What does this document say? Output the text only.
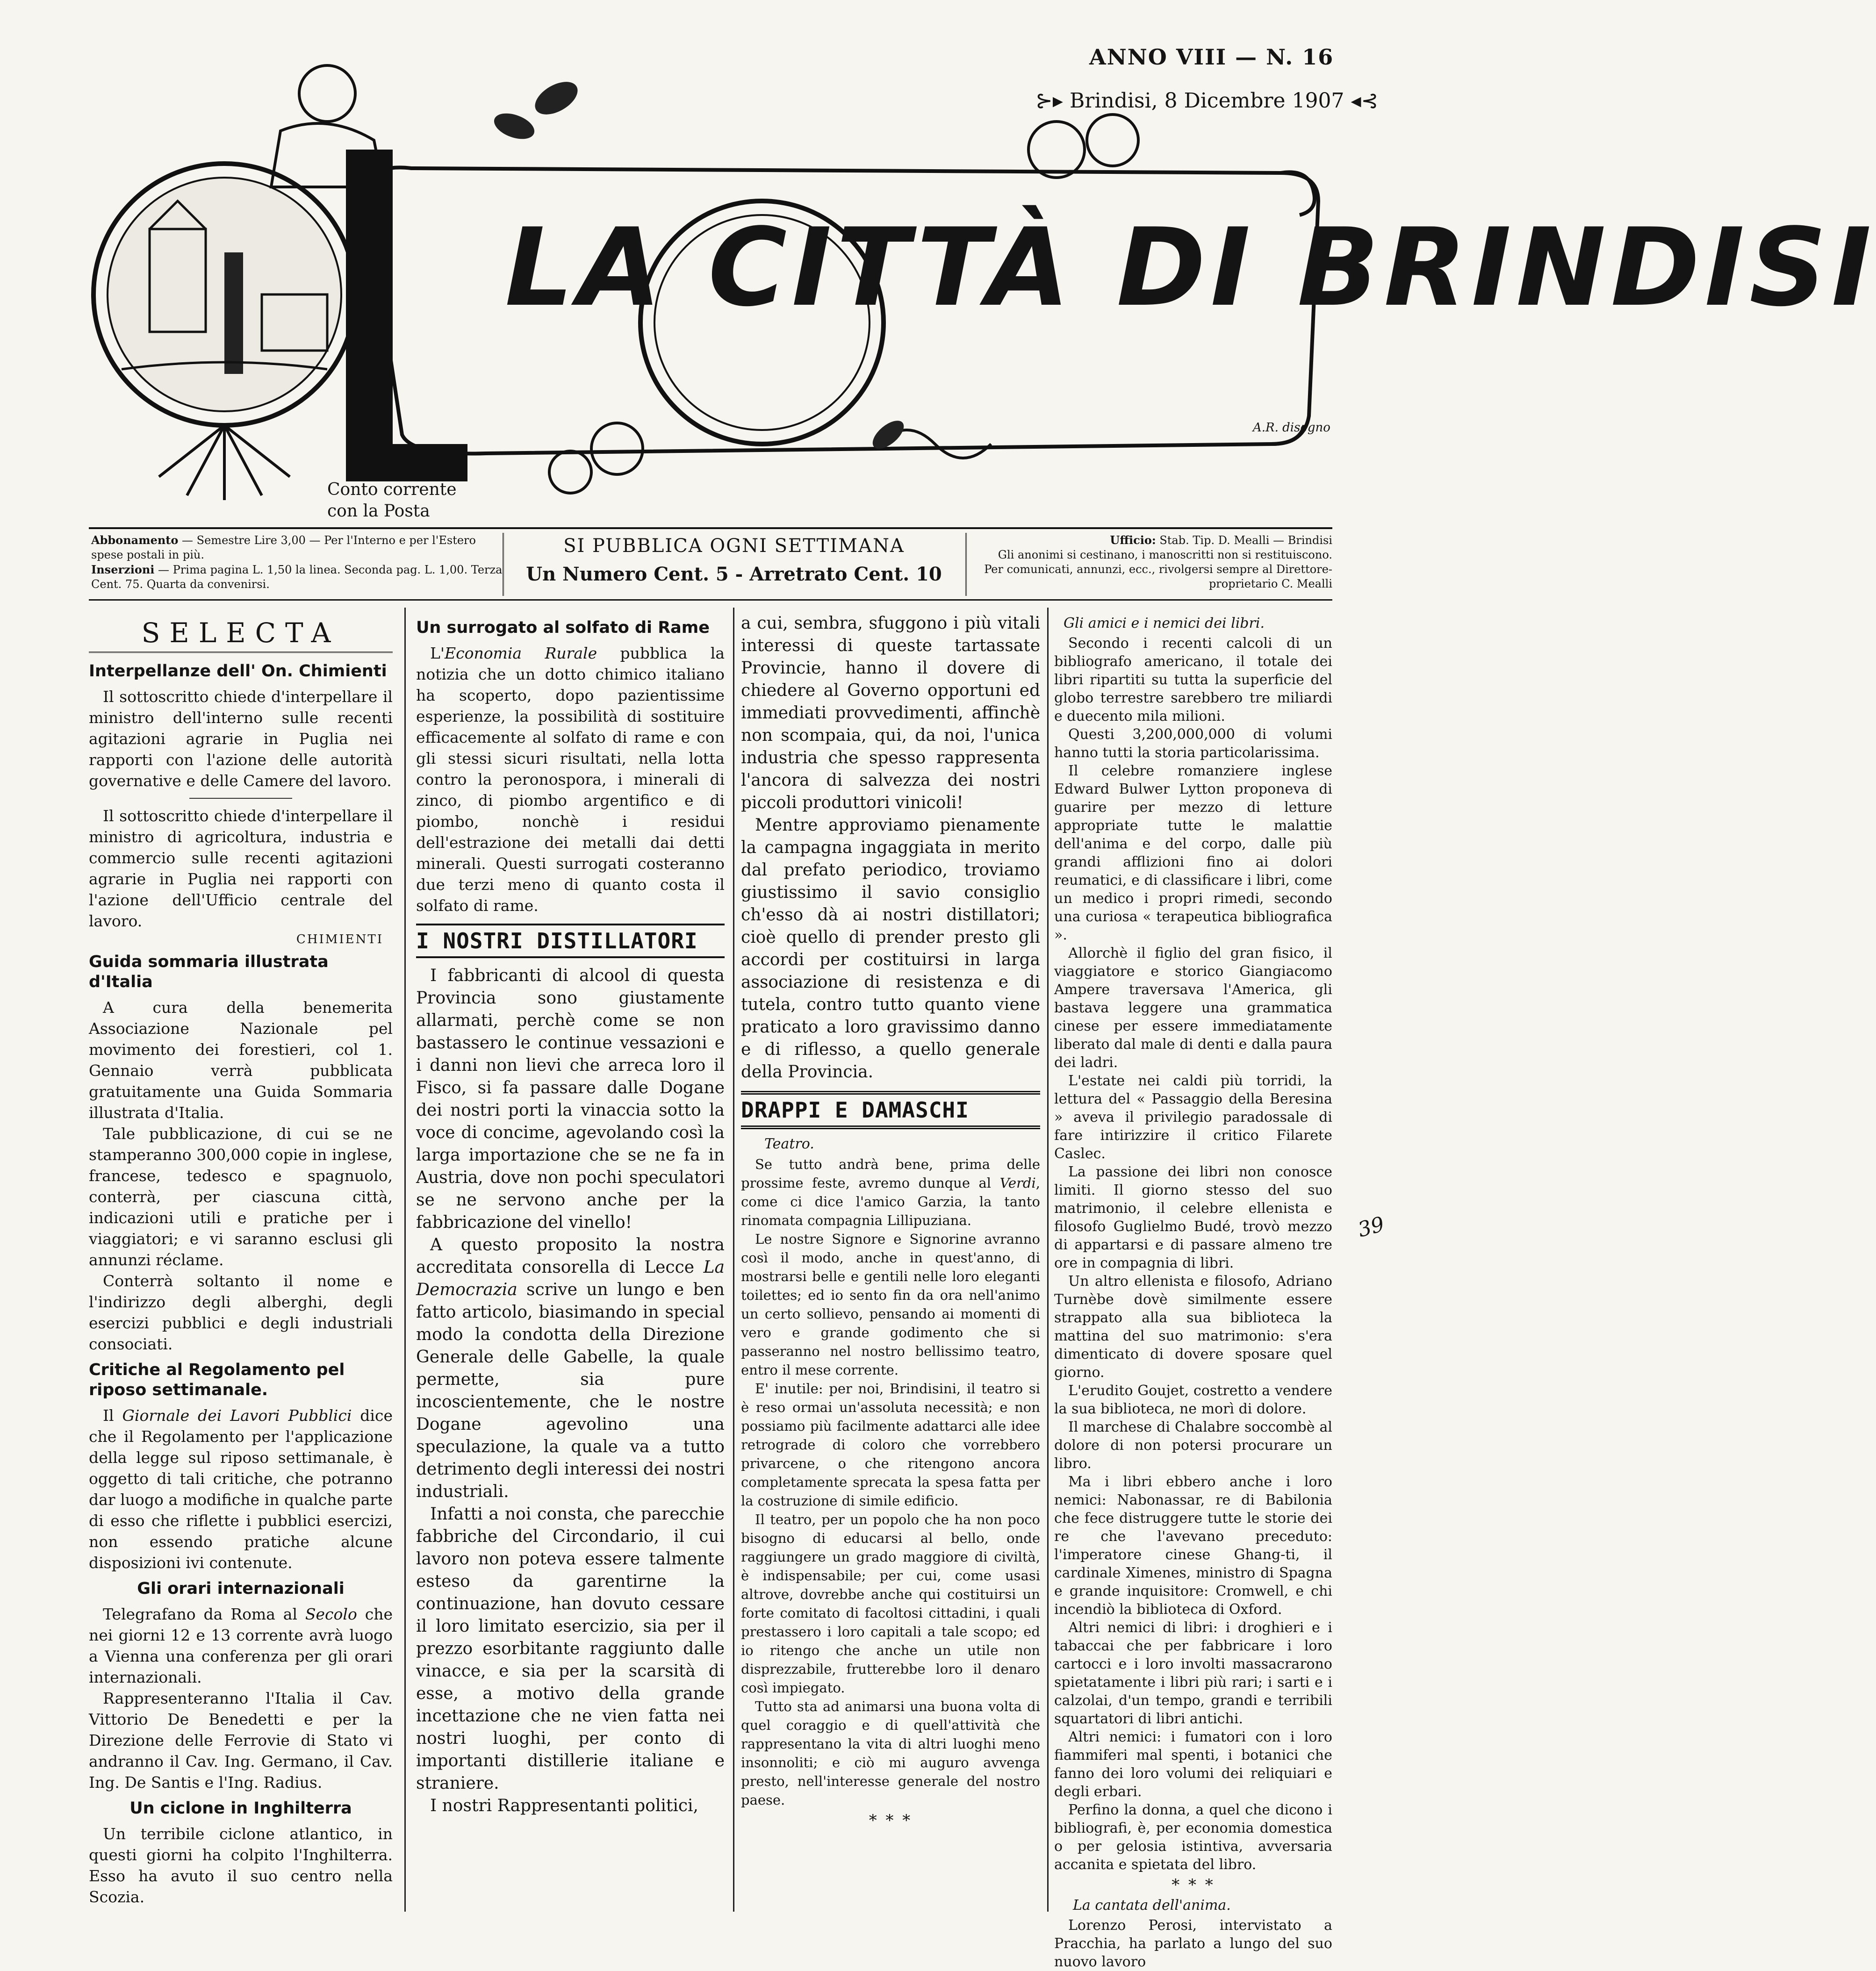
ANNO VIII — N. 16
⊱▸ Brindisi, 8 Dicembre 1907 ◂⊰
LA CITTÀ DI BRINDISI
A.R. disegno
Conto corrente
con la Posta
Abbonamento — Semestre Lire 3,00 — Per l'Interno e per l'Estero spese postali in più.
Inserzioni — Prima pagina L. 1,50 la linea. Seconda pag. L. 1,00. Terza Cent. 75. Quarta da convenirsi.
SI PUBBLICA OGNI SETTIMANA
Un Numero Cent. 5 - Arretrato Cent. 10
Ufficio: Stab. Tip. D. Mealli — Brindisi
Gli anonimi si cestinano, i manoscritti non si restituiscono. Per comunicati, annunzi, ecc., rivolgersi sempre al Direttore-proprietario C. Mealli
SELECTA
Interpellanze dell' On. Chimienti

Il sottoscritto chiede d'interpellare il ministro dell'interno sulle recenti agitazioni agrarie in Puglia nei rapporti con l'azione delle autorità governative e delle Camere del lavoro.

Il sottoscritto chiede d'interpellare il ministro di agricoltura, industria e commercio sulle recenti agitazioni agrarie in Puglia nei rapporti con l'azione dell'Ufficio centrale del lavoro.

CHIMIENTI
Guida sommaria illustrata d'Italia

A cura della benemerita Associazione Nazionale pel movimento dei forestieri, col 1. Gennaio verrà pubblicata gratuitamente una Guida Sommaria illustrata d'Italia.

Tale pubblicazione, di cui se ne stamperanno 300,000 copie in inglese, francese, tedesco e spagnuolo, conterrà, per ciascuna città, indicazioni utili e pratiche per i viaggiatori; e vi saranno esclusi gli annunzi réclame.

Conterrà soltanto il nome e l'indirizzo degli alberghi, degli esercizi pubblici e degli industriali consociati.

Critiche al Regolamento pel riposo settimanale.

Il Giornale dei Lavori Pubblici dice che il Regolamento per l'applicazione della legge sul riposo settimanale, è oggetto di tali critiche, che potranno dar luogo a modifiche in qualche parte di esso che riflette i pubblici esercizi, non essendo pratiche alcune disposizioni ivi contenute.

Gli orari internazionali

Telegrafano da Roma al Secolo che nei giorni 12 e 13 corrente avrà luogo a Vienna una conferenza per gli orari internazionali.

Rappresenteranno l'Italia il Cav. Vittorio De Benedetti e per la Direzione delle Ferrovie di Stato vi andranno il Cav. Ing. Germano, il Cav. Ing. De Santis e l'Ing. Radius.

Un ciclone in Inghilterra

Un terribile ciclone atlantico, in questi giorni ha colpito l'Inghilterra. Esso ha avuto il suo centro nella Scozia.

Un surrogato al solfato di Rame

L'Economia Rurale pubblica la notizia che un dotto chimico italiano ha scoperto, dopo pazientissime esperienze, la possibilità di sostituire efficacemente al solfato di rame e con gli stessi sicuri risultati, nella lotta contro la peronospora, i minerali di zinco, di piombo argentifico e di piombo, nonchè i residui dell'estrazione dei metalli dai detti minerali. Questi surrogati costeranno due terzi meno di quanto costa il solfato di rame.

I NOSTRI DISTILLATORI

I fabbricanti di alcool di questa Provincia sono giustamente allarmati, perchè come se non bastassero le continue vessazioni e i danni non lievi che arreca loro il Fisco, si fa passare dalle Dogane dei nostri porti la vinaccia sotto la voce di concime, agevolando così la larga importazione che se ne fa in Austria, dove non pochi speculatori se ne servono anche per la fabbricazione del vinello!

A questo proposito la nostra accreditata consorella di Lecce La Democrazia scrive un lungo e ben fatto articolo, biasimando in special modo la condotta della Direzione Generale delle Gabelle, la quale permette, sia pure incoscientemente, che le nostre Dogane agevolino una speculazione, la quale va a tutto detrimento degli interessi dei nostri industriali.

Infatti a noi consta, che parecchie fabbriche del Circondario, il cui lavoro non poteva essere talmente esteso da garentirne la continuazione, han dovuto cessare il loro limitato esercizio, sia per il prezzo esorbitante raggiunto dalle vinacce, e sia per la scarsità di esse, a motivo della grande incettazione che ne vien fatta nei nostri luoghi, per conto di importanti distillerie italiane e straniere.

I nostri Rappresentanti politici,

a cui, sembra, sfuggono i più vitali interessi di queste tartassate Provincie, hanno il dovere di chiedere al Governo opportuni ed immediati provvedimenti, affinchè non scompaia, qui, da noi, l'unica industria che spesso rappresenta l'ancora di salvezza dei nostri piccoli produttori vinicoli!

Mentre approviamo pienamente la campagna ingaggiata in merito dal prefato periodico, troviamo giustissimo il savio consiglio ch'esso dà ai nostri distillatori; cioè quello di prender presto gli accordi per costituirsi in larga associazione di resistenza e di tutela, contro tutto quanto viene praticato a loro gravissimo danno e di riflesso, a quello generale della Provincia.

DRAPPI E DAMASCHI
Teatro.

Se tutto andrà bene, prima delle prossime feste, avremo dunque al Verdi, come ci dice l'amico Garzia, la tanto rinomata compagnia Lillipuziana.

Le nostre Signore e Signorine avranno così il modo, anche in quest'anno, di mostrarsi belle e gentili nelle loro eleganti toilettes; ed io sento fin da ora nell'animo un certo sollievo, pensando ai momenti di vero e grande godimento che si passeranno nel nostro bellissimo teatro, entro il mese corrente.

E' inutile: per noi, Brindisini, il teatro si è reso ormai un'assoluta necessità; e non possiamo più facilmente adattarci alle idee retrograde di coloro che vorrebbero privarcene, o che ritengono ancora completamente sprecata la spesa fatta per la costruzione di simile edificio.

Il teatro, per un popolo che ha non poco bisogno di educarsi al bello, onde raggiungere un grado maggiore di civiltà, è indispensabile; per cui, come usasi altrove, dovrebbe anche qui costituirsi un forte comitato di facoltosi cittadini, i quali prestassero i loro capitali a tale scopo; ed io ritengo che anche un utile non disprezzabile, frutterebbe loro il denaro così impiegato.

Tutto sta ad animarsi una buona volta di quel coraggio e di quell'attività che rappresentano la vita di altri luoghi meno insonnoliti; e ciò mi auguro avvenga presto, nell'interesse generale del nostro paese.

* * *
Gli amici e i nemici dei libri.

Secondo i recenti calcoli di un bibliografo americano, il totale dei libri ripartiti su tutta la superficie del globo terrestre sarebbero tre miliardi e duecento mila milioni.

Questi 3,200,000,000 di volumi hanno tutti la storia particolarissima.

Il celebre romanziere inglese Edward Bulwer Lytton proponeva di guarire per mezzo di letture appropriate tutte le malattie dell'anima e del corpo, dalle più grandi afflizioni fino ai dolori reumatici, e di classificare i libri, come un medico i propri rimedi, secondo una curiosa « terapeutica bibliografica ».

Allorchè il figlio del gran fisico, il viaggiatore e storico Giangiacomo Ampere traversava l'America, gli bastava leggere una grammatica cinese per essere immediatamente liberato dal male di denti e dalla paura dei ladri.

L'estate nei caldi più torridi, la lettura del « Passaggio della Beresina » aveva il privilegio paradossale di fare intirizzire il critico Filarete Caslec.

La passione dei libri non conosce limiti. Il giorno stesso del suo matrimonio, il celebre ellenista e filosofo Guglielmo Budé, trovò mezzo di appartarsi e di passare almeno tre ore in compagnia di libri.

Un altro ellenista e filosofo, Adriano Turnèbe dovè similmente essere strappato alla sua biblioteca la mattina del suo matrimonio: s'era dimenticato di dovere sposare quel giorno.

L'erudito Goujet, costretto a vendere la sua biblioteca, ne morì di dolore.

Il marchese di Chalabre soccombè al dolore di non potersi procurare un libro.

Ma i libri ebbero anche i loro nemici: Nabonassar, re di Babilonia che fece distruggere tutte le storie dei re che l'avevano preceduto: l'imperatore cinese Ghang-ti, il cardinale Ximenes, ministro di Spagna e grande inquisitore: Cromwell, e chi incendiò la biblioteca di Oxford.

Altri nemici di libri: i droghieri e i tabaccai che per fabbricare i loro cartocci e i loro involti massacrarono spietatamente i libri più rari; i sarti e i calzolai, d'un tempo, grandi e terribili squartatori di libri antichi.

Altri nemici: i fumatori con i loro fiammiferi mal spenti, i botanici che fanno dei loro volumi dei reliquiari e degli erbari.

Perfino la donna, a quel che dicono i bibliografi, è, per economia domestica o per gelosia istintiva, avversaria accanita e spietata del libro.

* * *
La cantata dell'anima.

Lorenzo Perosi, intervistato a Pracchia, ha parlato a lungo del suo nuovo lavoro

39
